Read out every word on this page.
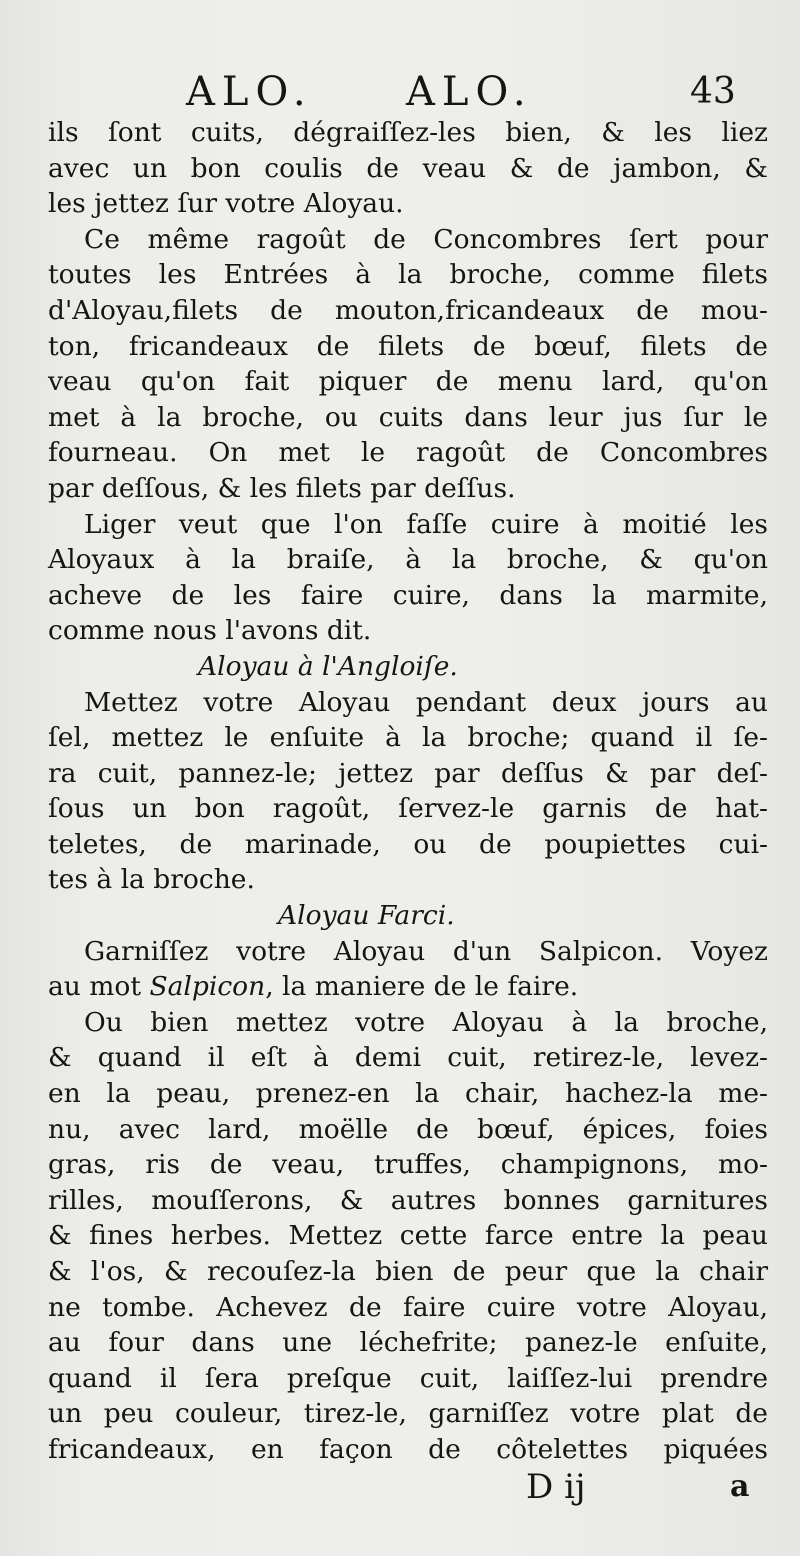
ALO. ALO.	43
ils ſont cuits, dégraiſſez-les bien, & les liez
avec un bon coulis de veau & de jambon, &
les jettez ſur votre Aloyau.
Ce même ragoût de Concombres ſert pour
toutes les Entrées à la broche, comme filets
d'Aloyau,filets de mouton,fricandeaux de mou-
ton, fricandeaux de filets de bœuf, filets de
veau qu'on fait piquer de menu lard, qu'on
met à la broche, ou cuits dans leur jus ſur le
fourneau. On met le ragoût de Concombres
par deſſous, & les filets par deſſus.
Liger veut que l'on faſſe cuire à moitié les
Aloyaux à la braiſe, à la broche, & qu'on
acheve de les faire cuire, dans la marmite,
comme nous l'avons dit.
Aloyau à l'Angloiſe.
Mettez votre Aloyau pendant deux jours au
ſel, mettez le enſuite à la broche; quand il ſe-
ra cuit, pannez-le; jettez par deſſus & par deſ-
ſous un bon ragoût, ſervez-le garnis de hat-
teletes, de marinade, ou de poupiettes cui-
tes à la broche.
Aloyau Farci.
Garniſſez votre Aloyau d'un Salpicon. Voyez
au mot Salpicon, la maniere de le faire.
Ou bien mettez votre Aloyau à la broche,
& quand il eſt à demi cuit, retirez-le, levez-
en la peau, prenez-en la chair, hachez-la me-
nu, avec lard, moëlle de bœuf, épices, foies
gras, ris de veau, truffes, champignons, mo-
rilles, mouſſerons, & autres bonnes garnitures
& fines herbes. Mettez cette farce entre la peau
& l'os, & recouſez-la bien de peur que la chair
ne tombe. Achevez de faire cuire votre Aloyau,
au four dans une léchefrite; panez-le enſuite,
quand il ſera preſque cuit, laiſſez-lui prendre
un peu couleur, tirez-le, garniſſez votre plat de
fricandeaux, en façon de côtelettes piquées
D ij	a
